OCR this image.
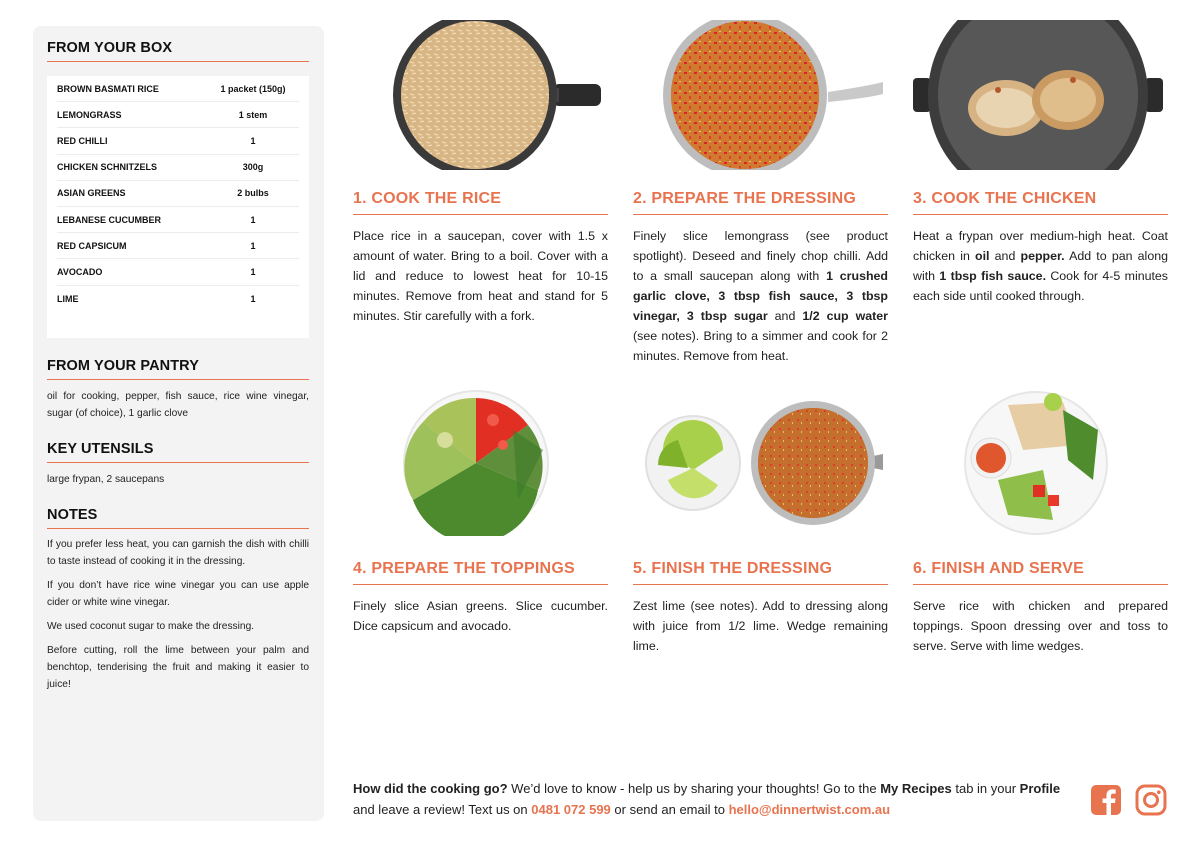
FROM YOUR BOX
BROWN BASMATI RICE	1 packet (150g)
LEMONGRASS	1 stem
RED CHILLI	1
CHICKEN SCHNITZELS	300g
ASIAN GREENS	2 bulbs
LEBANESE CUCUMBER	1
RED CAPSICUM	1
AVOCADO	1
LIME	1
FROM YOUR PANTRY
oil for cooking, pepper, fish sauce, rice wine vinegar, sugar (of choice), 1 garlic clove
KEY UTENSILS
large frypan, 2 saucepans
NOTES

If you prefer less heat, you can garnish the dish with chilli to taste instead of cooking it in the dressing.

If you don’t have rice wine vinegar you can use apple cider or white wine vinegar.

We used coconut sugar to make the dressing.

Before cutting, roll the lime between your palm and benchtop, tenderising the fruit and making it easier to juice!

1. COOK THE RICE
Place rice in a saucepan, cover with 1.5 x amount of water. Bring to a boil. Cover with a lid and reduce to lowest heat for 10-15 minutes. Remove from heat and stand for 5 minutes. Stir carefully with a fork.
2. PREPARE THE DRESSING
Finely slice lemongrass (see product spotlight). Deseed and finely chop chilli. Add to a small saucepan along with 1 crushed garlic clove, 3 tbsp fish sauce, 3 tbsp vinegar, 3 tbsp sugar and 1/2 cup water (see notes). Bring to a simmer and cook for 2 minutes. Remove from heat.
3. COOK THE CHICKEN
Heat a frypan over medium-high heat. Coat chicken in oil and pepper. Add to pan along with 1 tbsp fish sauce. Cook for 4-5 minutes each side until cooked through.
4. PREPARE THE TOPPINGS
Finely slice Asian greens. Slice cucumber. Dice capsicum and avocado.
5. FINISH THE DRESSING
Zest lime (see notes). Add to dressing along with juice from 1/2 lime. Wedge remaining lime.
6. FINISH AND SERVE
Serve rice with chicken and prepared toppings. Spoon dressing over and toss to serve. Serve with lime wedges.
How did the cooking go? We’d love to know - help us by sharing your thoughts! Go to the My Recipes tab in your Profile and leave a review! Text us on 0481 072 599 or send an email to hello@dinnertwist.com.au
